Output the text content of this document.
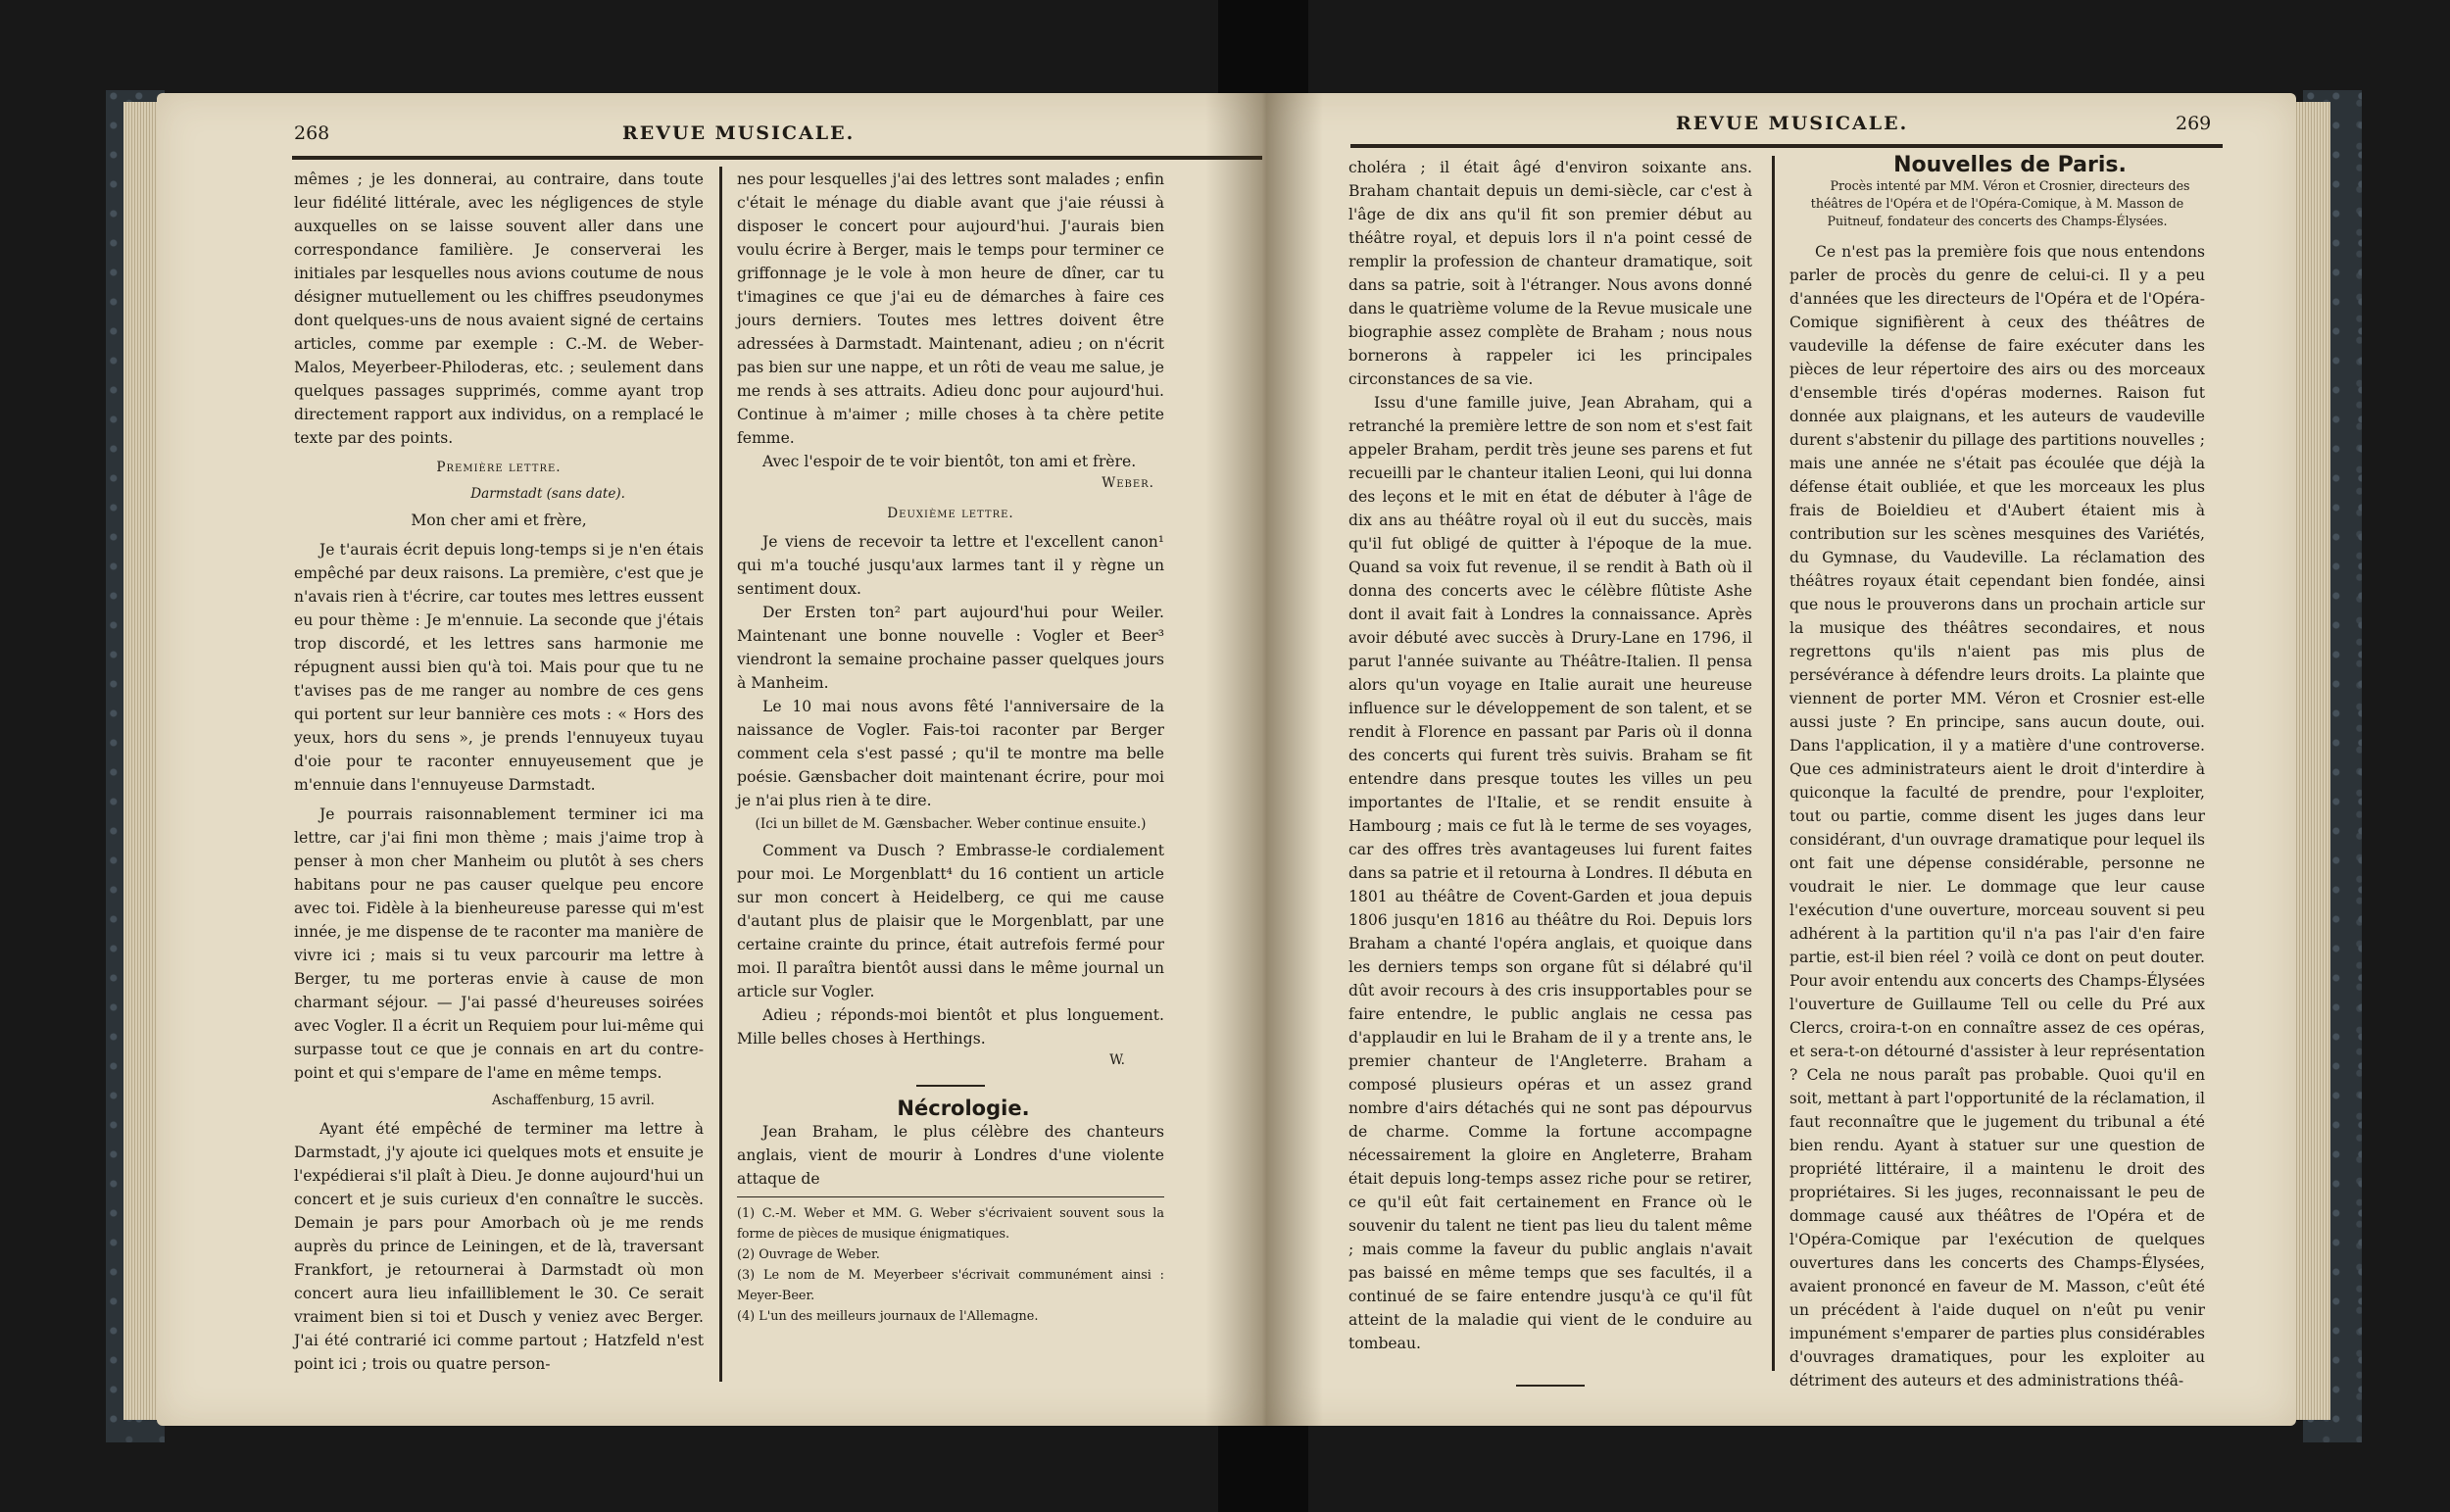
268	REVUE MUSICALE.

mêmes ; je les donnerai, au contraire, dans toute leur fidélité littérale, avec les négligences de style auxquelles on se laisse souvent aller dans une correspondance familière. Je conserverai les initiales par lesquelles nous avions coutume de nous désigner mutuellement ou les chiffres pseudonymes dont quelques-uns de nous avaient signé de certains articles, comme par exemple : C.-M. de Weber-Malos, Meyerbeer-Philoderas, etc. ; seulement dans quelques passages supprimés, comme ayant trop directement rapport aux individus, on a remplacé le texte par des points.

Première lettre.

Darmstadt (sans date).

Mon cher ami et frère,

Je t'aurais écrit depuis long-temps si je n'en étais empêché par deux raisons. La première, c'est que je n'avais rien à t'écrire, car toutes mes lettres eussent eu pour thème : Je m'ennuie. La seconde que j'étais trop discordé, et les lettres sans harmonie me répugnent aussi bien qu'à toi. Mais pour que tu ne t'avises pas de me ranger au nombre de ces gens qui portent sur leur bannière ces mots : « Hors des yeux, hors du sens », je prends l'ennuyeux tuyau d'oie pour te raconter ennuyeusement que je m'ennuie dans l'ennuyeuse Darmstadt.

Je pourrais raisonnablement terminer ici ma lettre, car j'ai fini mon thème ; mais j'aime trop à penser à mon cher Manheim ou plutôt à ses chers habitans pour ne pas causer quelque peu encore avec toi. Fidèle à la bienheureuse paresse qui m'est innée, je me dispense de te raconter ma manière de vivre ici ; mais si tu veux parcourir ma lettre à Berger, tu me porteras envie à cause de mon charmant séjour. — J'ai passé d'heureuses soirées avec Vogler. Il a écrit un Requiem pour lui-même qui surpasse tout ce que je connais en art du contre-point et qui s'empare de l'ame en même temps.

Aschaffenburg, 15 avril.

Ayant été empêché de terminer ma lettre à Darmstadt, j'y ajoute ici quelques mots et ensuite je l'expédierai s'il plaît à Dieu. Je donne aujourd'hui un concert et je suis curieux d'en connaître le succès. Demain je pars pour Amorbach où je me rends auprès du prince de Leiningen, et de là, traversant Frankfort, je retournerai à Darmstadt où mon concert aura lieu infailliblement le 30. Ce serait vraiment bien si toi et Dusch y veniez avec Berger. J'ai été contrarié ici comme partout ; Hatzfeld n'est point ici ; trois ou quatre person-

nes pour lesquelles j'ai des lettres sont malades ; enfin c'était le ménage du diable avant que j'aie réussi à disposer le concert pour aujourd'hui. J'aurais bien voulu écrire à Berger, mais le temps pour terminer ce griffonnage je le vole à mon heure de dîner, car tu t'imagines ce que j'ai eu de démarches à faire ces jours derniers. Toutes mes lettres doivent être adressées à Darmstadt. Maintenant, adieu ; on n'écrit pas bien sur une nappe, et un rôti de veau me salue, je me rends à ses attraits. Adieu donc pour aujourd'hui. Continue à m'aimer ; mille choses à ta chère petite femme.

Avec l'espoir de te voir bientôt, ton ami et frère.

Weber.

Deuxième lettre.

Je viens de recevoir ta lettre et l'excellent canon¹ qui m'a touché jusqu'aux larmes tant il y règne un sentiment doux.

Der Ersten ton² part aujourd'hui pour Weiler. Maintenant une bonne nouvelle : Vogler et Beer³ viendront la semaine prochaine passer quelques jours à Manheim.

Le 10 mai nous avons fêté l'anniversaire de la naissance de Vogler. Fais-toi raconter par Berger comment cela s'est passé ; qu'il te montre ma belle poésie. Gænsbacher doit maintenant écrire, pour moi je n'ai plus rien à te dire.

(Ici un billet de M. Gænsbacher. Weber continue ensuite.)

Comment va Dusch ? Embrasse-le cordialement pour moi. Le Morgenblatt⁴ du 16 contient un article sur mon concert à Heidelberg, ce qui me cause d'autant plus de plaisir que le Morgenblatt, par une certaine crainte du prince, était autrefois fermé pour moi. Il paraîtra bientôt aussi dans le même journal un article sur Vogler.

Adieu ; réponds-moi bientôt et plus longuement. Mille belles choses à Herthings.

W.

Nécrologie.

Jean Braham, le plus célèbre des chanteurs anglais, vient de mourir à Londres d'une violente attaque de

(1) C.-M. Weber et MM. G. Weber s'écrivaient souvent sous la forme de pièces de musique énigmatiques.

(2) Ouvrage de Weber.

(3) Le nom de M. Meyerbeer s'écrivait communément ainsi : Meyer-Beer.

(4) L'un des meilleurs journaux de l'Allemagne.

REVUE MUSICALE.	269

choléra ; il était âgé d'environ soixante ans. Braham chantait depuis un demi-siècle, car c'est à l'âge de dix ans qu'il fit son premier début au théâtre royal, et depuis lors il n'a point cessé de remplir la profession de chanteur dramatique, soit dans sa patrie, soit à l'étranger. Nous avons donné dans le quatrième volume de la Revue musicale une biographie assez complète de Braham ; nous nous bornerons à rappeler ici les principales circonstances de sa vie.

Issu d'une famille juive, Jean Abraham, qui a retranché la première lettre de son nom et s'est fait appeler Braham, perdit très jeune ses parens et fut recueilli par le chanteur italien Leoni, qui lui donna des leçons et le mit en état de débuter à l'âge de dix ans au théâtre royal où il eut du succès, mais qu'il fut obligé de quitter à l'époque de la mue. Quand sa voix fut revenue, il se rendit à Bath où il donna des concerts avec le célèbre flûtiste Ashe dont il avait fait à Londres la connaissance. Après avoir débuté avec succès à Drury-Lane en 1796, il parut l'année suivante au Théâtre-Italien. Il pensa alors qu'un voyage en Italie aurait une heureuse influence sur le développement de son talent, et se rendit à Florence en passant par Paris où il donna des concerts qui furent très suivis. Braham se fit entendre dans presque toutes les villes un peu importantes de l'Italie, et se rendit ensuite à Hambourg ; mais ce fut là le terme de ses voyages, car des offres très avantageuses lui furent faites dans sa patrie et il retourna à Londres. Il débuta en 1801 au théâtre de Covent-Garden et joua depuis 1806 jusqu'en 1816 au théâtre du Roi. Depuis lors Braham a chanté l'opéra anglais, et quoique dans les derniers temps son organe fût si délabré qu'il dût avoir recours à des cris insupportables pour se faire entendre, le public anglais ne cessa pas d'applaudir en lui le Braham de il y a trente ans, le premier chanteur de l'Angleterre. Braham a composé plusieurs opéras et un assez grand nombre d'airs détachés qui ne sont pas dépourvus de charme. Comme la fortune accompagne nécessairement la gloire en Angleterre, Braham était depuis long-temps assez riche pour se retirer, ce qu'il eût fait certainement en France où le souvenir du talent ne tient pas lieu du talent même ; mais comme la faveur du public anglais n'avait pas baissé en même temps que ses facultés, il a continué de se faire entendre jusqu'à ce qu'il fût atteint de la maladie qui vient de le conduire au tombeau.

Nouvelles de Paris.

Procès intenté par MM. Véron et Crosnier, directeurs des théâtres de l'Opéra et de l'Opéra-Comique, à M. Masson de Puitneuf, fondateur des concerts des Champs-Élysées.

Ce n'est pas la première fois que nous entendons parler de procès du genre de celui-ci. Il y a peu d'années que les directeurs de l'Opéra et de l'Opéra-Comique signifièrent à ceux des théâtres de vaudeville la défense de faire exécuter dans les pièces de leur répertoire des airs ou des morceaux d'ensemble tirés d'opéras modernes. Raison fut donnée aux plaignans, et les auteurs de vaudeville durent s'abstenir du pillage des partitions nouvelles ; mais une année ne s'était pas écoulée que déjà la défense était oubliée, et que les morceaux les plus frais de Boieldieu et d'Aubert étaient mis à contribution sur les scènes mesquines des Variétés, du Gymnase, du Vaudeville. La réclamation des théâtres royaux était cependant bien fondée, ainsi que nous le prouverons dans un prochain article sur la musique des théâtres secondaires, et nous regrettons qu'ils n'aient pas mis plus de persévérance à défendre leurs droits. La plainte que viennent de porter MM. Véron et Crosnier est-elle aussi juste ? En principe, sans aucun doute, oui. Dans l'application, il y a matière d'une controverse. Que ces administrateurs aient le droit d'interdire à quiconque la faculté de prendre, pour l'exploiter, tout ou partie, comme disent les juges dans leur considérant, d'un ouvrage dramatique pour lequel ils ont fait une dépense considérable, personne ne voudrait le nier. Le dommage que leur cause l'exécution d'une ouverture, morceau souvent si peu adhérent à la partition qu'il n'a pas l'air d'en faire partie, est-il bien réel ? voilà ce dont on peut douter. Pour avoir entendu aux concerts des Champs-Élysées l'ouverture de Guillaume Tell ou celle du Pré aux Clercs, croira-t-on en connaître assez de ces opéras, et sera-t-on détourné d'assister à leur représentation ? Cela ne nous paraît pas probable. Quoi qu'il en soit, mettant à part l'opportunité de la réclamation, il faut reconnaître que le jugement du tribunal a été bien rendu. Ayant à statuer sur une question de propriété littéraire, il a maintenu le droit des propriétaires. Si les juges, reconnaissant le peu de dommage causé aux théâtres de l'Opéra et de l'Opéra-Comique par l'exécution de quelques ouvertures dans les concerts des Champs-Élysées, avaient prononcé en faveur de M. Masson, c'eût été un précédent à l'aide duquel on n'eût pu venir impunément s'emparer de parties plus considérables d'ouvrages dramatiques, pour les exploiter au détriment des auteurs et des administrations théâ-
